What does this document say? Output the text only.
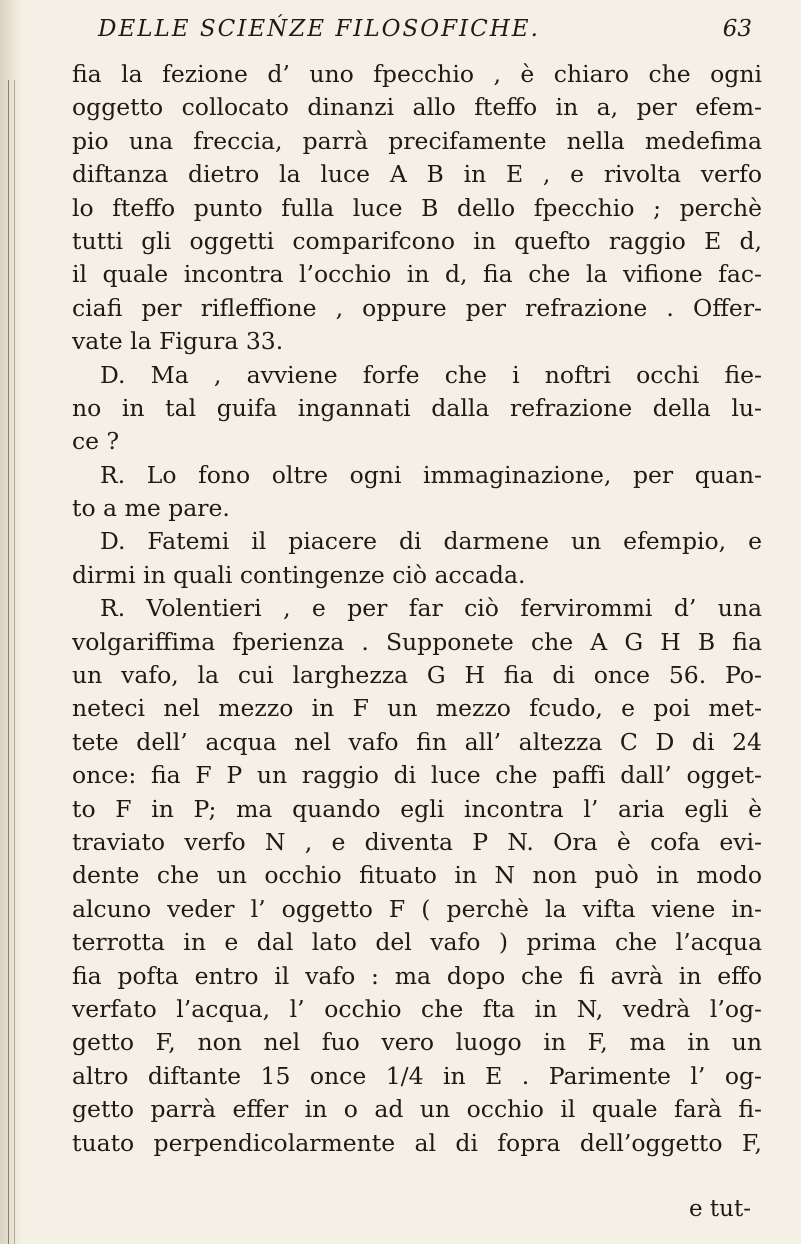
DELLE SCIEŃZE FILOSOFICHE.	63
fia la fezione d’ uno fpecchio , è chiaro che ogni
oggetto collocato dinanzi allo fteffo in a, per efem-
pio una freccia, parrà precifamente nella medefima
diftanza dietro la luce A B in E , e rivolta verfo
lo fteffo punto fulla luce B dello fpecchio ; perchè
tutti gli oggetti comparifcono in quefto raggio E d,
il quale incontra l’occhio in d, fia che la vifione fac-
ciafi per rifleffione , oppure per refrazione . Offer-
vate la Figura 33.
D. Ma , avviene forfe che i noftri occhi fie-
no in tal guifa ingannati dalla refrazione della lu-
ce ?
R. Lo fono oltre ogni immaginazione, per quan-
to a me pare.
D. Fatemi il piacere di darmene un efempio, e
dirmi in quali contingenze ciò accada.
R. Volentieri , e per far ciò fervirommi d’ una
volgariffima fperienza . Supponete che A G H B fia
un vafo, la cui larghezza G H fia di once 56. Po-
neteci nel mezzo in F un mezzo fcudo, e poi met-
tete dell’ acqua nel vafo fin all’ altezza C D di 24
once: fia F P un raggio di luce che paffi dall’ ogget-
to F in P; ma quando egli incontra l’ aria egli è
traviato verfo N , e diventa P N. Ora è cofa evi-
dente che un occhio fituato in N non può in modo
alcuno veder l’ oggetto F ( perchè la vifta viene in-
terrotta in e dal lato del vafo ) prima che l’acqua
fia pofta entro il vafo : ma dopo che fi avrà in effo
verfato l’acqua, l’ occhio che fta in N, vedrà l’og-
getto F, non nel fuo vero luogo in F, ma in un
altro diftante 15 once 1/4 in E . Parimente l’ og-
getto parrà effer in o ad un occhio il quale farà fi-
tuato perpendicolarmente al di fopra dell’oggetto F,
e tut-
